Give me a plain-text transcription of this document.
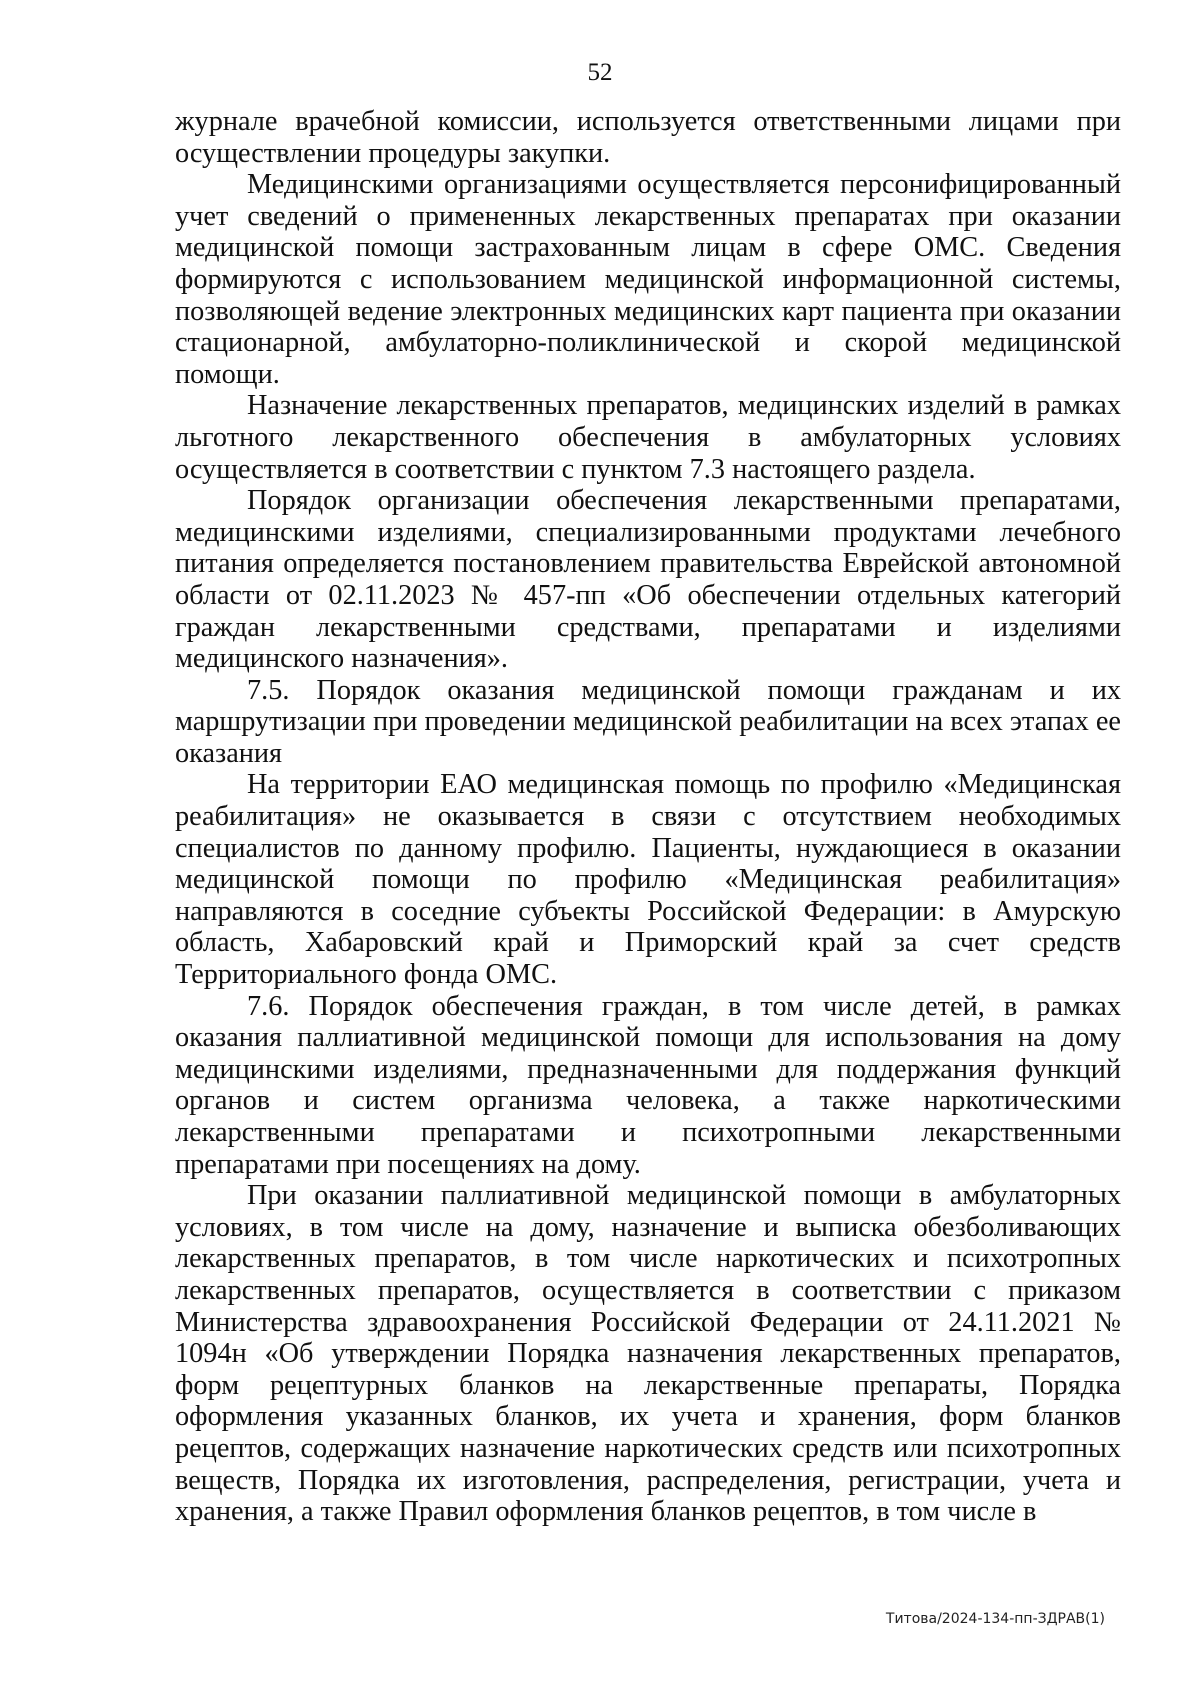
52

журнале врачебной комиссии, используется ответственными лицами при осуществлении процедуры закупки.

Медицинскими организациями осуществляется персонифицированный учет сведений о примененных лекарственных препаратах при оказании медицинской помощи застрахованным лицам в сфере ОМС. Сведения формируются с использованием медицинской информационной системы, позволяющей ведение электронных медицинских карт пациента при оказании стационарной, амбулаторно-поликлинической и скорой медицинской помощи.

Назначение лекарственных препаратов, медицинских изделий в рамках льготного лекарственного обеспечения в амбулаторных условиях осуществляется в соответствии с пунктом 7.3 настоящего раздела.

Порядок организации обеспечения лекарственными препаратами, медицинскими изделиями, специализированными продуктами лечебного питания определяется постановлением правительства Еврейской автономной области от 02.11.2023 № 457-пп «Об обеспечении отдельных категорий граждан лекарственными средствами, препаратами и изделиями медицинского назначения».

7.5. Порядок оказания медицинской помощи гражданам и их маршрутизации при проведении медицинской реабилитации на всех этапах ее оказания

На территории ЕАО медицинская помощь по профилю «Медицинская реабилитация» не оказывается в связи с отсутствием необходимых специалистов по данному профилю. Пациенты, нуждающиеся в оказании медицинской помощи по профилю «Медицинская реабилитация» направляются в соседние субъекты Российской Федерации: в Амурскую область, Хабаровский край и Приморский край за счет средств Территориального фонда ОМС.

7.6. Порядок обеспечения граждан, в том числе детей, в рамках оказания паллиативной медицинской помощи для использования на дому медицинскими изделиями, предназначенными для поддержания функций органов и систем организма человека, а также наркотическими лекарственными препаратами и психотропными лекарственными препаратами при посещениях на дому.

При оказании паллиативной медицинской помощи в амбулаторных условиях, в том числе на дому, назначение и выписка обезболивающих лекарственных препаратов, в том числе наркотических и психотропных лекарственных препаратов, осуществляется в соответствии с приказом Министерства здравоохранения Российской Федерации от 24.11.2021 № 1094н «Об утверждении Порядка назначения лекарственных препаратов, форм рецептурных бланков на лекарственные препараты, Порядка оформления указанных бланков, их учета и хранения, форм бланков рецептов, содержащих назначение наркотических средств или психотропных веществ, Порядка их изготовления, распределения, регистрации, учета и хранения, а также Правил оформления бланков рецептов, в том числе в

Титова/2024-134-пп-ЗДРАВ(1)
